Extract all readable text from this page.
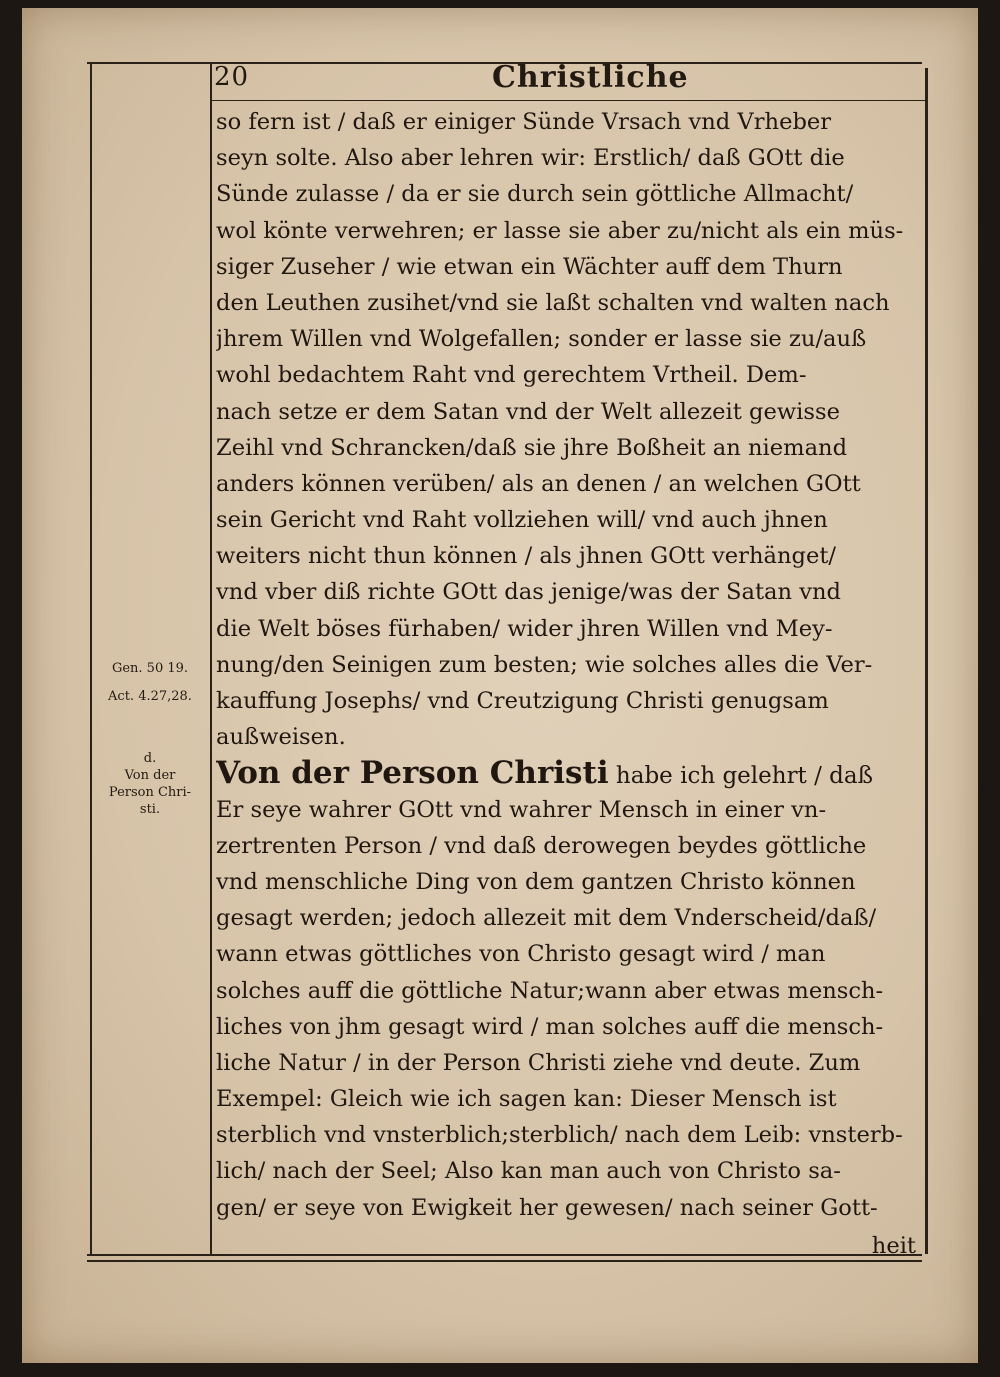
20	Christliche
Gen. 50 19.
Act. 4.27,28.
d.
Von der
Person Chri-
sti.
so fern ist / daß er einiger Sünde Vrsach vnd Vrheber
seyn solte. Also aber lehren wir: Erstlich/ daß GOtt die
Sünde zulasse / da er sie durch sein göttliche Allmacht/
wol könte verwehren; er lasse sie aber zu/nicht als ein müs-
siger Zuseher / wie etwan ein Wächter auff dem Thurn
den Leuthen zusihet/vnd sie laßt schalten vnd walten nach
jhrem Willen vnd Wolgefallen; sonder er lasse sie zu/auß
wohl bedachtem Raht vnd gerechtem Vrtheil. Dem-
nach setze er dem Satan vnd der Welt allezeit gewisse
Zeihl vnd Schrancken/daß sie jhre Boßheit an niemand
anders können verüben/ als an denen / an welchen GOtt
sein Gericht vnd Raht vollziehen will/ vnd auch jhnen
weiters nicht thun können / als jhnen GOtt verhänget/
vnd vber diß richte GOtt das jenige/was der Satan vnd
die Welt böses fürhaben/ wider jhren Willen vnd Mey-
nung/den Seinigen zum besten; wie solches alles die Ver-
kauffung Josephs/ vnd Creutzigung Christi genugsam
außweisen.
Von der Person Christi habe ich gelehrt / daß
Er seye wahrer GOtt vnd wahrer Mensch in einer vn-
zertrenten Person / vnd daß derowegen beydes göttliche
vnd menschliche Ding von dem gantzen Christo können
gesagt werden; jedoch allezeit mit dem Vnderscheid/daß/
wann etwas göttliches von Christo gesagt wird / man
solches auff die göttliche Natur;wann aber etwas mensch-
liches von jhm gesagt wird / man solches auff die mensch-
liche Natur / in der Person Christi ziehe vnd deute. Zum
Exempel: Gleich wie ich sagen kan: Dieser Mensch ist
sterblich vnd vnsterblich;sterblich/ nach dem Leib: vnsterb-
lich/ nach der Seel; Also kan man auch von Christo sa-
gen/ er seye von Ewigkeit her gewesen/ nach seiner Gott-
heit
